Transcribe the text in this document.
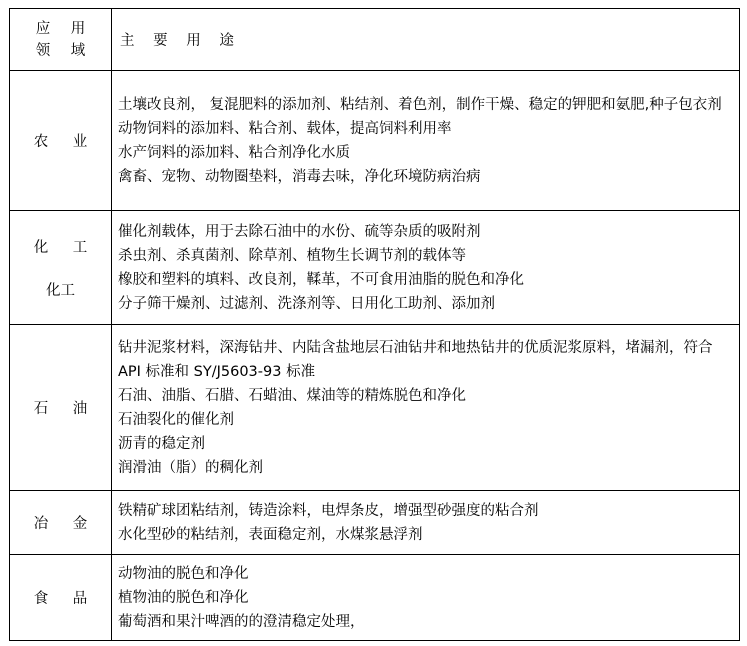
应 用
领 域	主 要 用 途

农 业	土壤改良剂， 复混肥料的添加剂、粘结剂、着色剂，制作干燥、稳定的钾肥和氨肥,种子包衣剂
动物饲料的添加料、粘合剂、载体，提高饲料利用率
水产饲料的添加料、粘合剂净化水质
禽畜、宠物、动物圈垫料，消毒去味，净化环境防病治病

化 工
化工	催化剂载体，用于去除石油中的水份、硫等杂质的吸附剂
杀虫剂、杀真菌剂、除草剂、植物生长调节剂的载体等
橡胶和塑料的填料、改良剂，鞣革，不可食用油脂的脱色和净化
分子筛干燥剂、过滤剂、洗涤剂等、日用化工助剂、添加剂

石 油	钻井泥浆材料，深海钻井、内陆含盐地层石油钻井和地热钻井的优质泥浆原料，堵漏剂，符合 API 标准和 SY/J5603-93 标准
石油、油脂、石腊、石蜡油、煤油等的精炼脱色和净化
石油裂化的催化剂
沥青的稳定剂
润滑油（脂）的稠化剂

冶 金	铁精矿球团粘结剂，铸造涂料，电焊条皮，增强型砂强度的粘合剂
水化型砂的粘结剂，表面稳定剂，水煤浆悬浮剂

食 品	动物油的脱色和净化
植物油的脱色和净化
葡萄酒和果汁啤酒的的澄清稳定处理，
